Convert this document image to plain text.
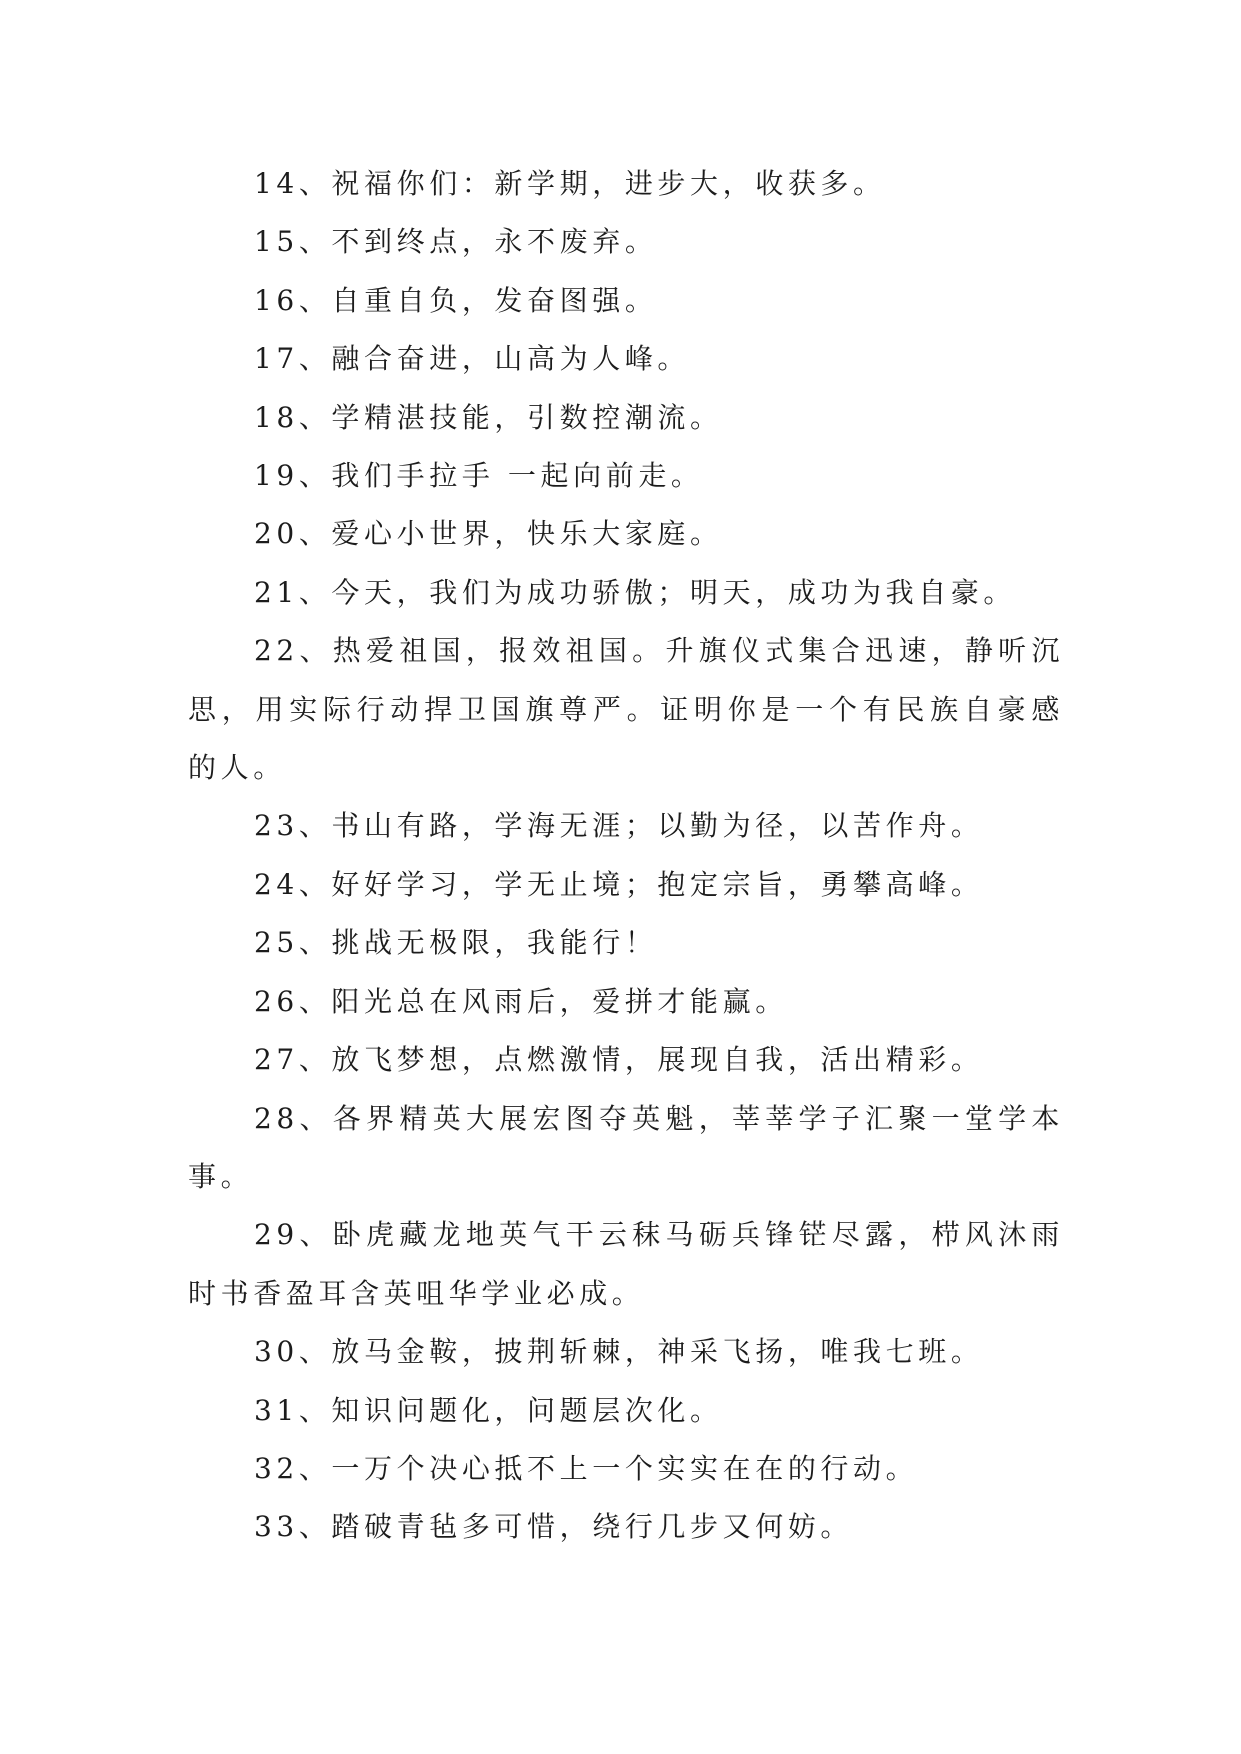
14、祝福你们：新学期，进步大，收获多。

15、不到终点，永不废弃。

16、自重自负，发奋图强。

17、融合奋进，山高为人峰。

18、学精湛技能，引数控潮流。

19、我们手拉手 一起向前走。

20、爱心小世界，快乐大家庭。

21、今天，我们为成功骄傲；明天，成功为我自豪。

22、热爱祖国，报效祖国。升旗仪式集合迅速，静听沉思，用实际行动捍卫国旗尊严。证明你是一个有民族自豪感的人。

23、书山有路，学海无涯；以勤为径，以苦作舟。

24、好好学习，学无止境；抱定宗旨，勇攀高峰。

25、挑战无极限，我能行！

26、阳光总在风雨后，爱拼才能赢。

27、放飞梦想，点燃激情，展现自我，活出精彩。

28、各界精英大展宏图夺英魁，莘莘学子汇聚一堂学本事。

29、卧虎藏龙地英气干云秣马砺兵锋铓尽露，栉风沐雨时书香盈耳含英咀华学业必成。

30、放马金鞍，披荆斩棘，神采飞扬，唯我七班。

31、知识问题化，问题层次化。

32、一万个决心抵不上一个实实在在的行动。

33、踏破青毡多可惜，绕行几步又何妨。
